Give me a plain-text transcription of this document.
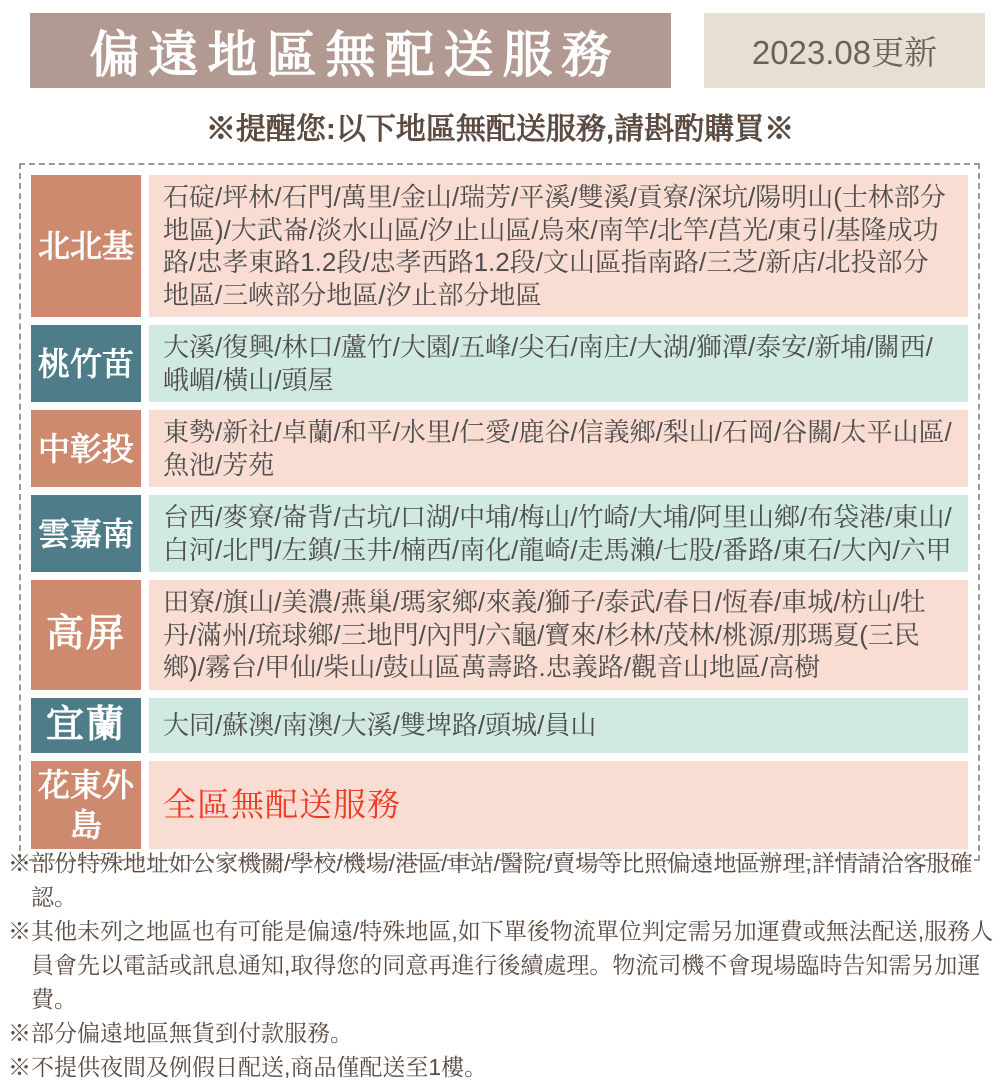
偏遠地區無配送服務	2023.08更新
※提醒您:以下地區無配送服務,請斟酌購買※
北北基
石碇/坪林/石門/萬里/金山/瑞芳/平溪/雙溪/貢寮/深坑/陽明山(士林部分地區)/大武崙/淡水山區/汐止山區/烏來/南竿/北竿/莒光/東引/基隆成功路/忠孝東路1.2段/忠孝西路1.2段/文山區指南路/三芝/新店/北投部分地區/三峽部分地區/汐止部分地區
桃竹苗 大溪/復興/林口/蘆竹/大園/五峰/尖石/南庄/大湖/獅潭/泰安/新埔/關西/峨嵋/橫山/頭屋
中彰投 東勢/新社/卓蘭/和平/水里/仁愛/鹿谷/信義鄉/梨山/石岡/谷關/太平山區/魚池/芳苑
雲嘉南 台西/麥寮/崙背/古坑/口湖/中埔/梅山/竹崎/大埔/阿里山鄉/布袋港/東山/白河/北門/左鎮/玉井/楠西/南化/龍崎/走馬瀨/七股/番路/東石/大內/六甲
高屏
田寮/旗山/美濃/燕巢/瑪家鄉/來義/獅子/泰武/春日/恆春/車城/枋山/牡丹/滿州/琉球鄉/三地門/內門/六龜/寶來/杉林/茂林/桃源/那瑪夏(三民鄉)/霧台/甲仙/柴山/鼓山區萬壽路.忠義路/觀音山地區/高樹
宜蘭	大同/蘇澳/南澳/大溪/雙埤路/頭城/員山
花東外島
全區無配送服務

※部份特殊地址如公家機關/學校/機場/港區/車站/醫院/賣場等比照偏遠地區辦理,詳情請洽客服確認。

※其他未列之地區也有可能是偏遠/特殊地區,如下單後物流單位判定需另加運費或無法配送,服務人員會先以電話或訊息通知,取得您的同意再進行後續處理。物流司機不會現場臨時告知需另加運費。

※部分偏遠地區無貨到付款服務。

※不提供夜間及例假日配送,商品僅配送至1樓。
